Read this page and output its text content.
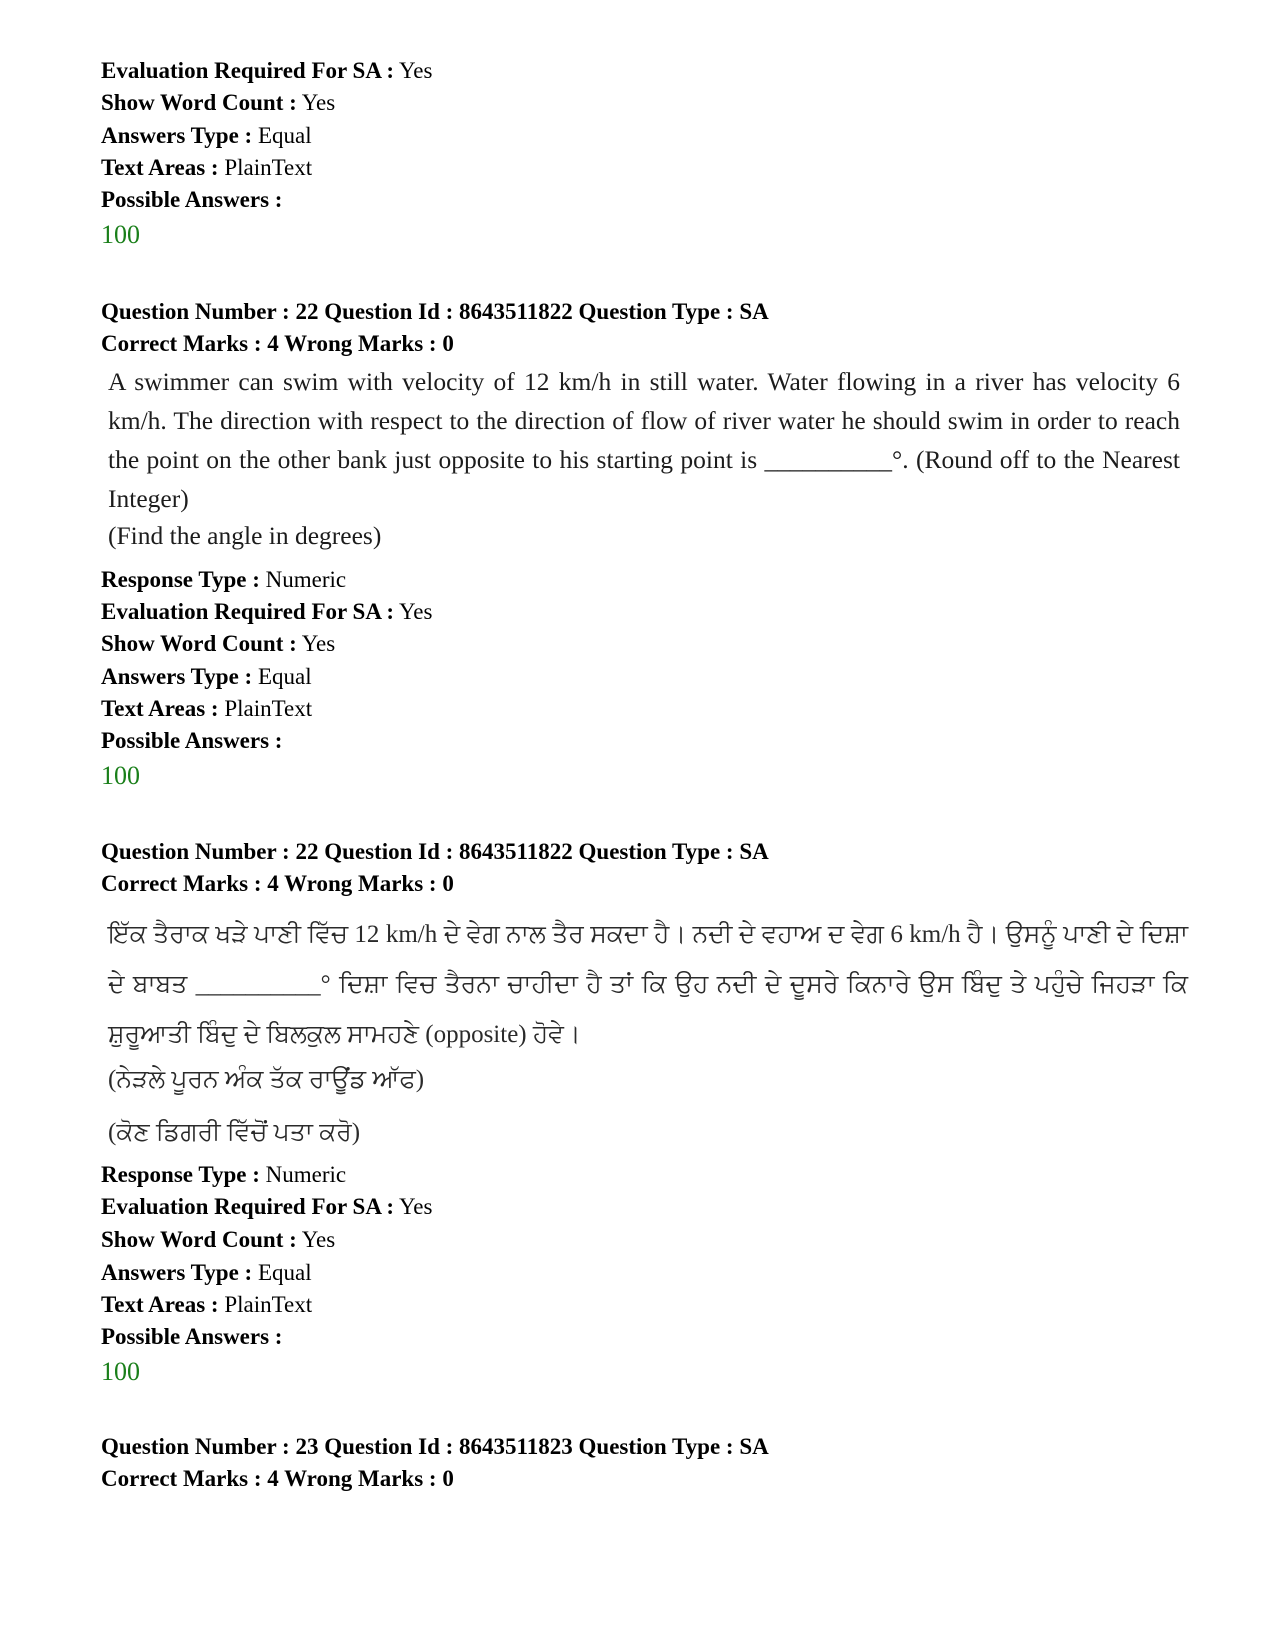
Evaluation Required For SA : Yes
Show Word Count : Yes
Answers Type : Equal
Text Areas : PlainText
Possible Answers :
100
Question Number : 22 Question Id : 8643511822 Question Type : SA
Correct Marks : 4 Wrong Marks : 0
A swimmer can swim with velocity of 12 km/h in still water. Water flowing in a river has velocity 6 km/h. The direction with respect to the direction of flow of river water he should swim in order to reach the point on the other bank just opposite to his starting point is __________°. (Round off to the Nearest Integer)
(Find the angle in degrees)
Response Type : Numeric
Evaluation Required For SA : Yes
Show Word Count : Yes
Answers Type : Equal
Text Areas : PlainText
Possible Answers :
100
Question Number : 22 Question Id : 8643511822 Question Type : SA
Correct Marks : 4 Wrong Marks : 0
ਇੱਕ ਤੈਰਾਕ ਖੜੇ ਪਾਣੀ ਵਿੱਚ 12 km/h ਦੇ ਵੇਗ ਨਾਲ ਤੈਰ ਸਕਦਾ ਹੈ। ਨਦੀ ਦੇ ਵਹਾਅ ਦ ਵੇਗ 6 km/h ਹੈ। ਉਸਨੂੰ ਪਾਣੀ ਦੇ ਦਿਸ਼ਾ ਦੇ ਬਾਬਤ __________° ਦਿਸ਼ਾ ਵਿਚ ਤੈਰਨਾ ਚਾਹੀਦਾ ਹੈ ਤਾਂ ਕਿ ਉਹ ਨਦੀ ਦੇ ਦੂਸਰੇ ਕਿਨਾਰੇ ਉਸ ਬਿੰਦੁ ਤੇ ਪਹੁੰਚੇ ਜਿਹੜਾ ਕਿ ਸ਼ੁਰੂਆਤੀ ਬਿੰਦੁ ਦੇ ਬਿਲਕੁਲ ਸਾਮਹਣੇ (opposite) ਹੋਵੇ।
(ਨੇੜਲੇ ਪੂਰਨ ਅੰਕ ਤੱਕ ਰਾਊਂਡ ਆੱਫ)
(ਕੋਣ ਡਿਗਰੀ ਵਿੱਚੋਂ ਪਤਾ ਕਰੋ)
Response Type : Numeric
Evaluation Required For SA : Yes
Show Word Count : Yes
Answers Type : Equal
Text Areas : PlainText
Possible Answers :
100
Question Number : 23 Question Id : 8643511823 Question Type : SA
Correct Marks : 4 Wrong Marks : 0
